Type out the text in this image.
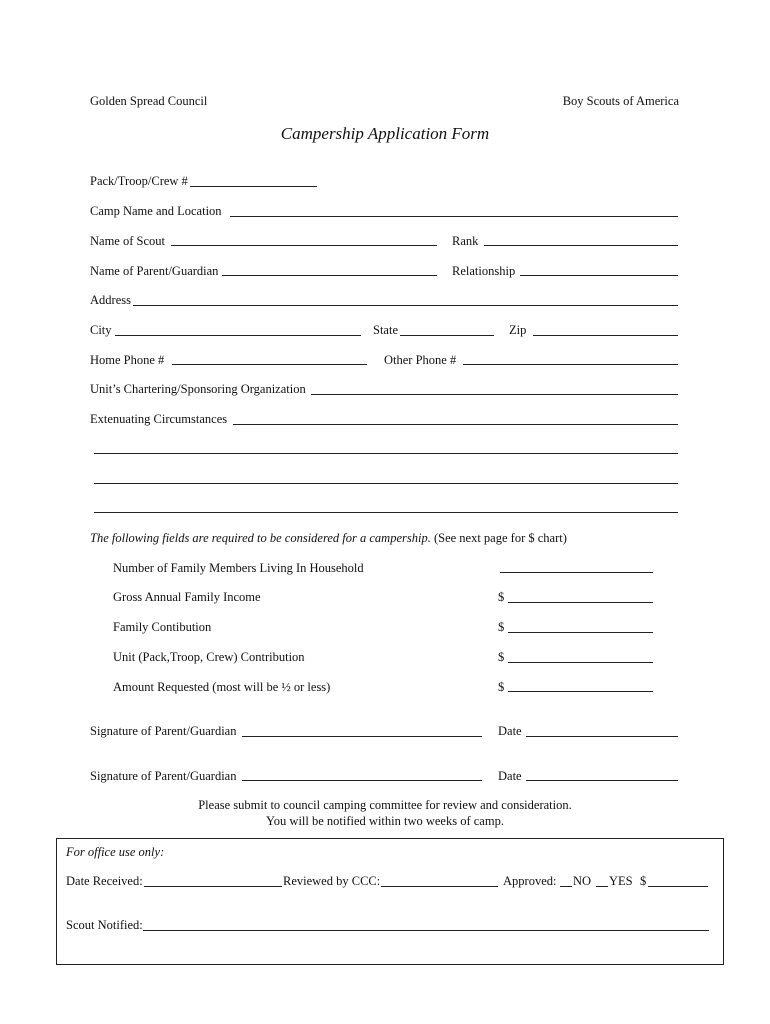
Golden Spread Council	Boy Scouts of America
Campership Application Form
Pack/Troop/Crew #
Camp Name and Location
Name of Scout	Rank
Name of Parent/Guardian	Relationship
Address
City	State	Zip
Home Phone #	Other Phone #
Unit’s Chartering/Sponsoring Organization
Extenuating Circumstances
The following fields are required to be considered for a campership. (See next page for $ chart)
Number of Family Members Living In Household
Gross Annual Family Income	$
Family Contibution	$
Unit (Pack,Troop, Crew) Contribution	$
Amount Requested (most will be ½ or less)	$
Signature of Parent/Guardian	Date
Signature of Parent/Guardian	Date
Please submit to council camping committee for review and consideration.
You will be notified within two weeks of camp.
For office use only:
Date Received:	Reviewed by CCC:	Approved: NO YES $
Scout Notified:
